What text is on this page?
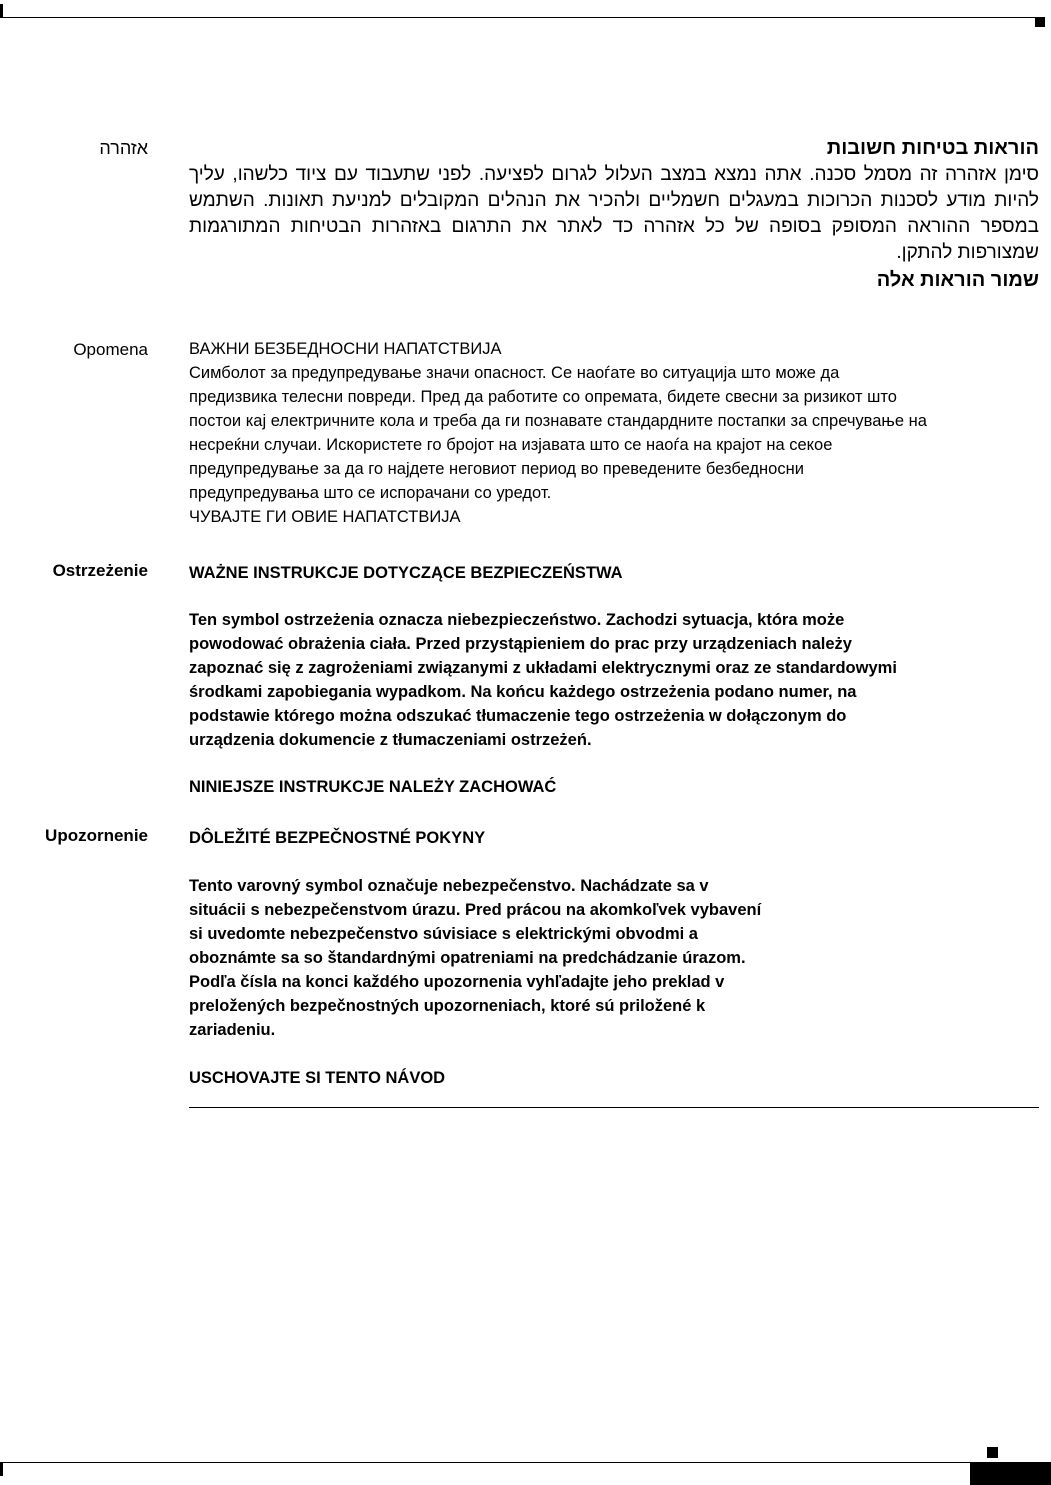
אזהרה	הוראות בטיחות חשובות

סימן אזהרה זה מסמל סכנה. אתה נמצא במצב העלול לגרום לפציעה. לפני שתעבוד עם ציוד כלשהו, עליך להיות מודע לסכנות הכרוכות במעגלים חשמליים ולהכיר את הנהלים המקובלים למניעת תאונות. השתמש במספר ההוראה המסופק בסופה של כל אזהרה כד לאתר את התרגום באזהרות הבטיחות המתורגמות שמצורפות להתקן.

שמור הוראות אלה

Opomena ВАЖНИ БЕЗБЕДНОСНИ НАПАТСТВИЈА

Симболот за предупредување значи опасност. Се наоѓате во ситуација што може да

предизвика телесни повреди. Пред да работите со опремата, бидете свесни за ризикот што

постои кај електричните кола и треба да ги познавате стандардните постапки за спречување на

несреќни случаи. Искористете го бројот на изјавата што се наоѓа на крајот на секое

предупредување за да го најдете неговиот период во преведените безбедносни

предупредувања што се испорачани со уредот.

ЧУВАЈТЕ ГИ ОВИЕ НАПАТСТВИЈА

Ostrzeżenie WAŻNE INSTRUKCJE DOTYCZĄCE BEZPIECZEŃSTWA

Ten symbol ostrzeżenia oznacza niebezpieczeństwo. Zachodzi sytuacja, która może

powodować obrażenia ciała. Przed przystąpieniem do prac przy urządzeniach należy

zapoznać się z zagrożeniami związanymi z układami elektrycznymi oraz ze standardowymi

środkami zapobiegania wypadkom. Na końcu każdego ostrzeżenia podano numer, na

podstawie którego można odszukać tłumaczenie tego ostrzeżenia w dołączonym do

urządzenia dokumencie z tłumaczeniami ostrzeżeń.

NINIEJSZE INSTRUKCJE NALEŻY ZACHOWAĆ

Upozornenie DÔLEŽITÉ BEZPEČNOSTNÉ POKYNY

Tento varovný symbol označuje nebezpečenstvo. Nachádzate sa v

situácii s nebezpečenstvom úrazu. Pred prácou na akomkoľvek vybavení

si uvedomte nebezpečenstvo súvisiace s elektrickými obvodmi a

oboznámte sa so štandardnými opatreniami na predchádzanie úrazom.

Podľa čísla na konci každého upozornenia vyhľadajte jeho preklad v

preložených bezpečnostných upozorneniach, ktoré sú priložené k

zariadeniu.

USCHOVAJTE SI TENTO NÁVOD
